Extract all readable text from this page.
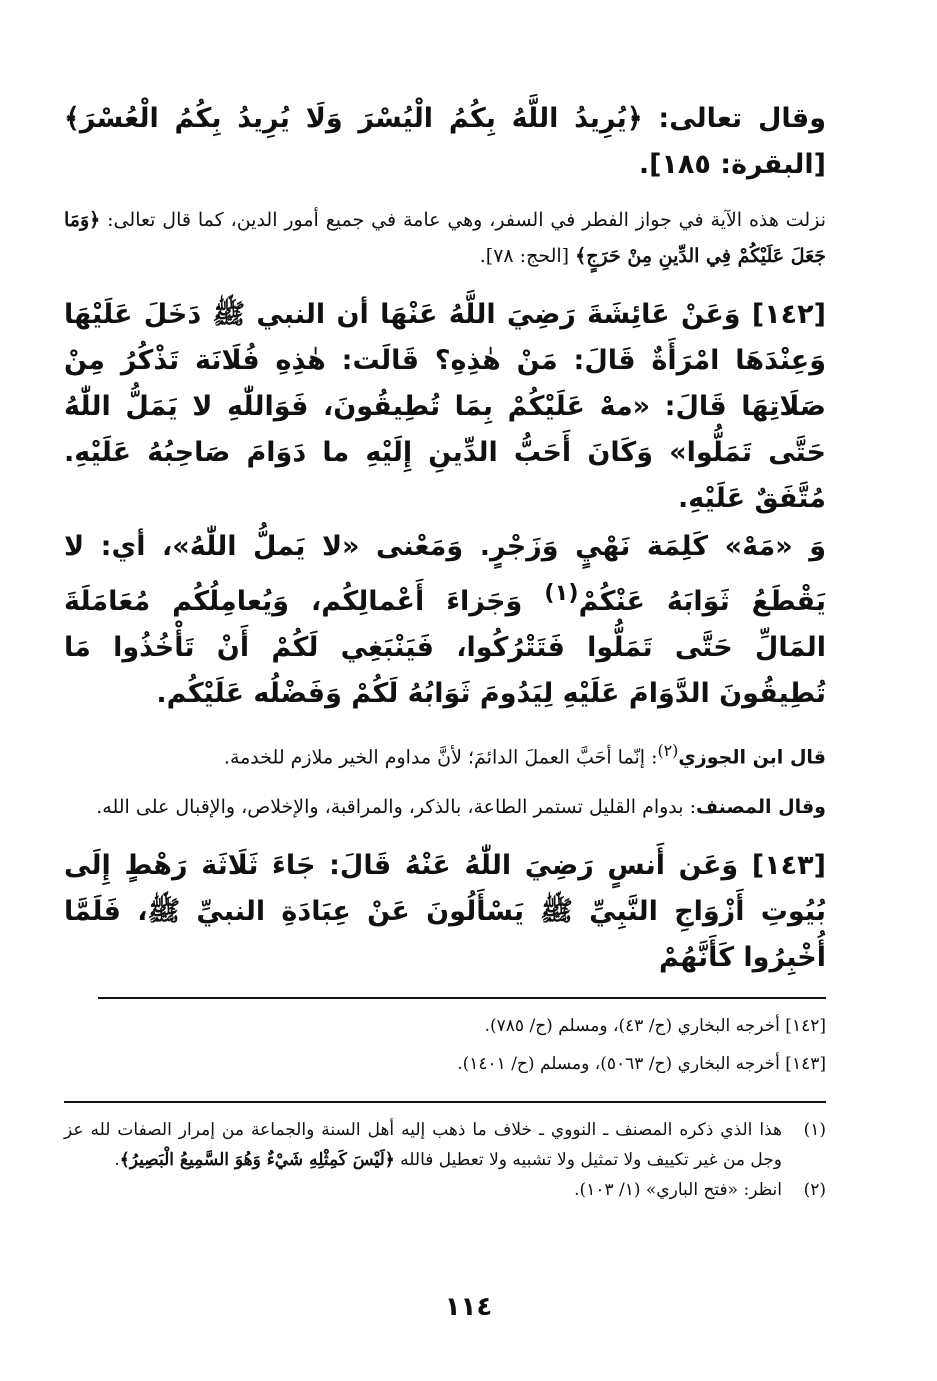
وقال تعالى: ﴿يُرِيدُ اللَّهُ بِكُمُ الْيُسْرَ وَلَا يُرِيدُ بِكُمُ الْعُسْرَ﴾ [البقرة: ١٨٥].

نزلت هذه الآية في جواز الفطر في السفر، وهي عامة في جميع أمور الدين، كما قال تعالى: ﴿وَمَا جَعَلَ عَلَيْكُمْ فِي الدِّينِ مِنْ حَرَجٍ﴾ [الحج: ٧٨].

[١٤٢] وَعَنْ عَائِشَةَ رَضِيَ اللَّهُ عَنْهَا أن النبي ﷺ دَخَلَ عَلَيْهَا وَعِنْدَهَا امْرَأَةٌ قَالَ: مَنْ هٰذِهِ؟ قَالَت: هٰذِهِ فُلَانَة تَذْكُرُ مِنْ صَلَاتِهَا قَالَ: «مهْ عَلَيْكُمْ بِمَا تُطِيقُونَ، فَوَاللّٰهِ لا يَمَلُّ اللّٰهُ حَتَّى تَمَلُّوا» وَكَانَ أَحَبُّ الدِّينِ إِلَيْهِ ما دَوَامَ صَاحِبُهُ عَلَيْهِ. مُتَّفَقٌ عَلَيْهِ.

وَ «مَهْ» كَلِمَة نَهْيٍ وَزَجْرٍ. وَمَعْنى «لا يَملُّ اللّٰهُ»، أي: لا يَقْطَعُ ثَوَابَهُ عَنْكُمْ$^{(١)}$ وَجَزاءَ أَعْمالِكُم، وَيُعامِلُكُم مُعَامَلَةَ المَالِّ حَتَّى تَمَلُّوا فَتَتْرُكُوا، فَيَنْبَغِي لَكُمْ أَنْ تَأْخُذُوا مَا تُطِيقُونَ الدَّوَامَ عَلَيْهِ لِيَدُومَ ثَوَابُهُ لَكُمْ وَفَضْلُه عَلَيْكُم.

قال ابن الجوزي$^{(٢)}$: إنّما أحَبَّ العملَ الدائمَ؛ لأنَّ مداوم الخير ملازم للخدمة.

وقال المصنف: بدوام القليل تستمر الطاعة، بالذكر، والمراقبة، والإخلاص، والإقبال على الله.

[١٤٣] وَعَن أَنسٍ رَضِيَ اللّٰهُ عَنْهُ قَالَ: جَاءَ ثَلَاثَة رَهْطٍ إِلَى بُيُوتِ أَزْوَاجِ النَّبِيِّ ﷺ يَسْأَلُونَ عَنْ عِبَادَةِ النبيِّ ﷺ، فَلَمَّا أُخْبِرُوا كَأَنَّهُمْ

[١٤٢] أخرجه البخاري (ح/ ٤٣)، ومسلم (ح/ ٧٨٥).

[١٤٣] أخرجه البخاري (ح/ ٥٠٦٣)، ومسلم (ح/ ١٤٠١).

(١)
هذا الذي ذكره المصنف ـ النووي ـ خلاف ما ذهب إليه أهل السنة والجماعة من إمرار الصفات لله عز وجل من غير تكييف ولا تمثيل ولا تشبيه ولا تعطيل فالله ﴿لَيْسَ كَمِثْلِهِ شَيْءٌ وَهُوَ السَّمِيعُ الْبَصِيرُ﴾.

(٢)
انظر: «فتح الباري» (١/ ١٠٣).

١١٤
